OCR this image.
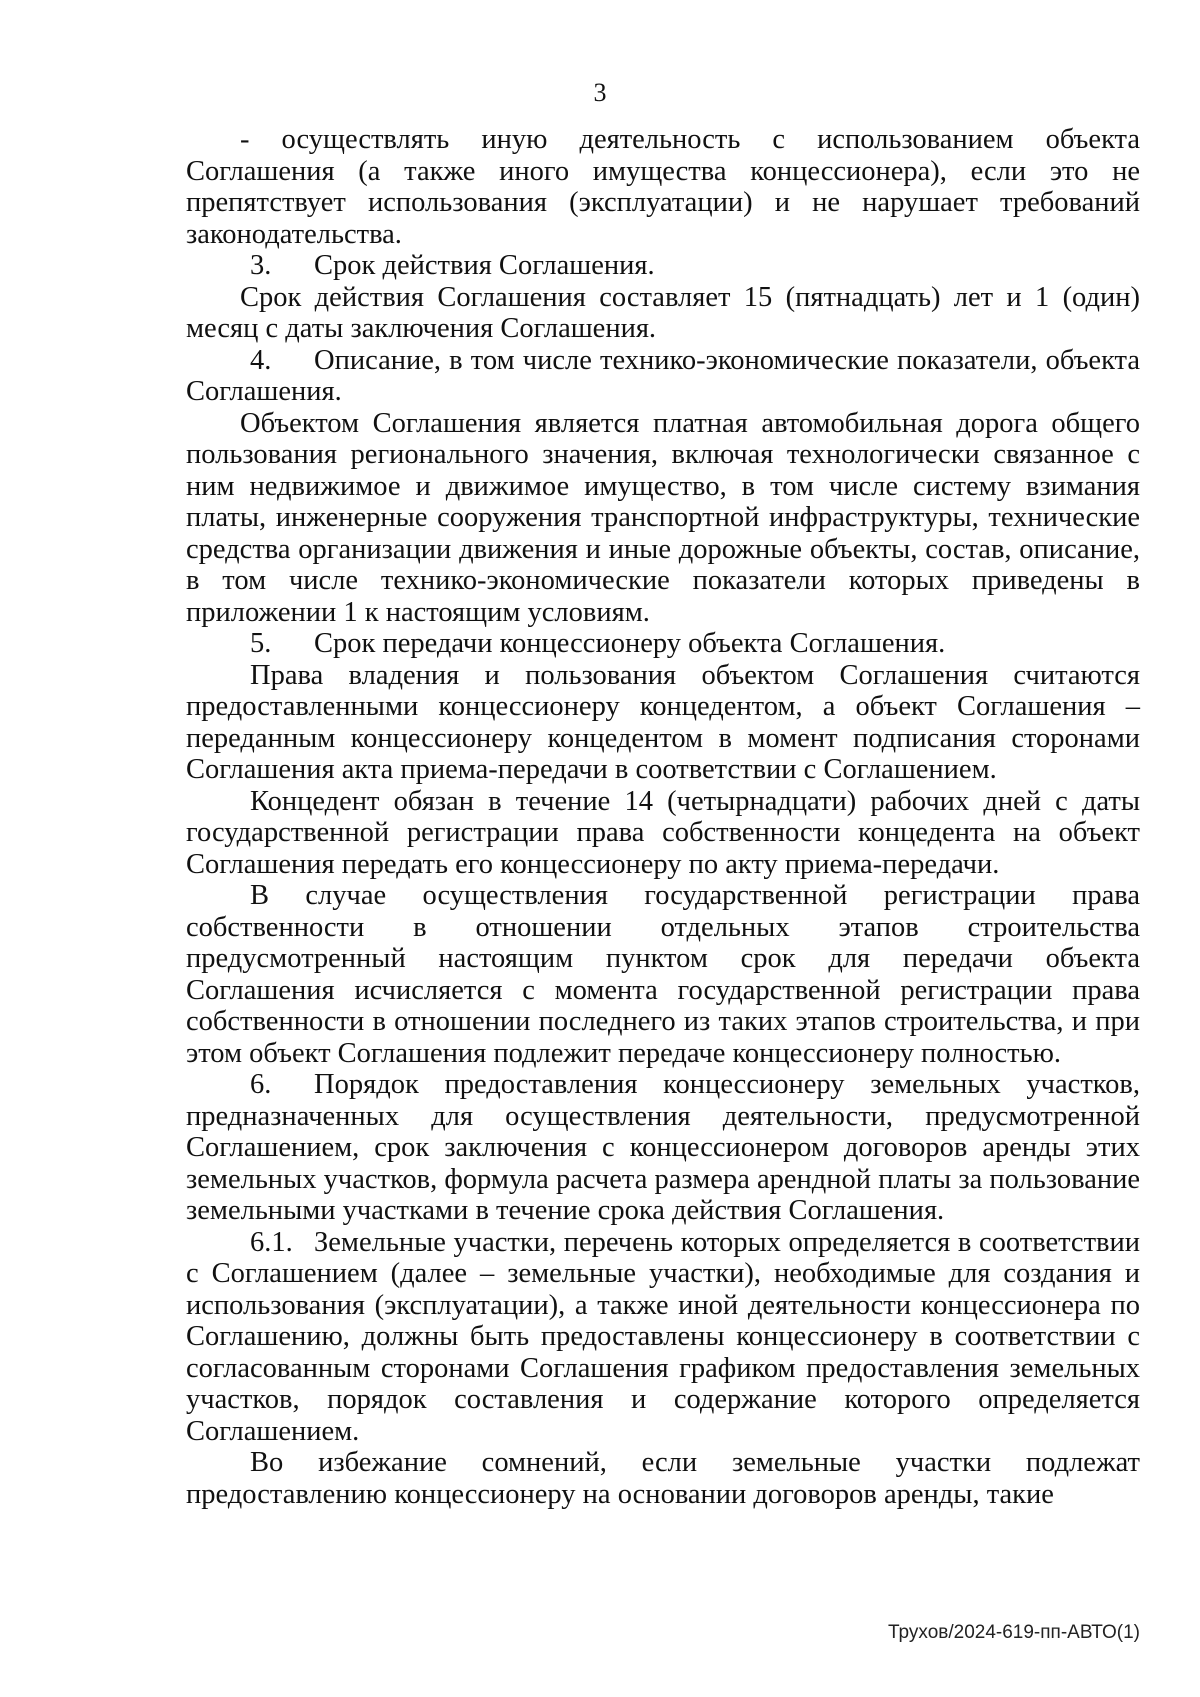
3

- осуществлять иную деятельность с использованием объекта Соглашения (а также иного имущества концессионера), если это не препятствует использования (эксплуатации) и не нарушает требований законодательства.

3. Срок действия Соглашения.

Срок действия Соглашения составляет 15 (пятнадцать) лет и 1 (один) месяц с даты заключения Соглашения.

4. Описание, в том числе технико-экономические показатели, объекта Соглашения.

Объектом Соглашения является платная автомобильная дорога общего пользования регионального значения, включая технологически связанное с ним недвижимое и движимое имущество, в том числе систему взимания платы, инженерные сооружения транспортной инфраструктуры, технические средства организации движения и иные дорожные объекты, состав, описание, в том числе технико-экономические показатели которых приведены в приложении 1 к настоящим условиям.

5. Срок передачи концессионеру объекта Соглашения.

Права владения и пользования объектом Соглашения считаются предоставленными концессионеру концедентом, а объект Соглашения – переданным концессионеру концедентом в момент подписания сторонами Соглашения акта приема-передачи в соответствии с Соглашением.

Концедент обязан в течение 14 (четырнадцати) рабочих дней с даты государственной регистрации права собственности концедента на объект Соглашения передать его концессионеру по акту приема-передачи.

В случае осуществления государственной регистрации права собственности в отношении отдельных этапов строительства предусмотренный настоящим пунктом срок для передачи объекта Соглашения исчисляется с момента государственной регистрации права собственности в отношении последнего из таких этапов строительства, и при этом объект Соглашения подлежит передаче концессионеру полностью.

6. Порядок предоставления концессионеру земельных участков, предназначенных для осуществления деятельности, предусмотренной Соглашением, срок заключения с концессионером договоров аренды этих земельных участков, формула расчета размера арендной платы за пользование земельными участками в течение срока действия Соглашения.

6.1. Земельные участки, перечень которых определяется в соответствии с Соглашением (далее – земельные участки), необходимые для создания и использования (эксплуатации), а также иной деятельности концессионера по Соглашению, должны быть предоставлены концессионеру в соответствии с согласованным сторонами Соглашения графиком предоставления земельных участков, порядок составления и содержание которого определяется Соглашением.

Во избежание сомнений, если земельные участки подлежат предоставлению концессионеру на основании договоров аренды, такие

Трухов/2024-619-пп-АВТО(1)
